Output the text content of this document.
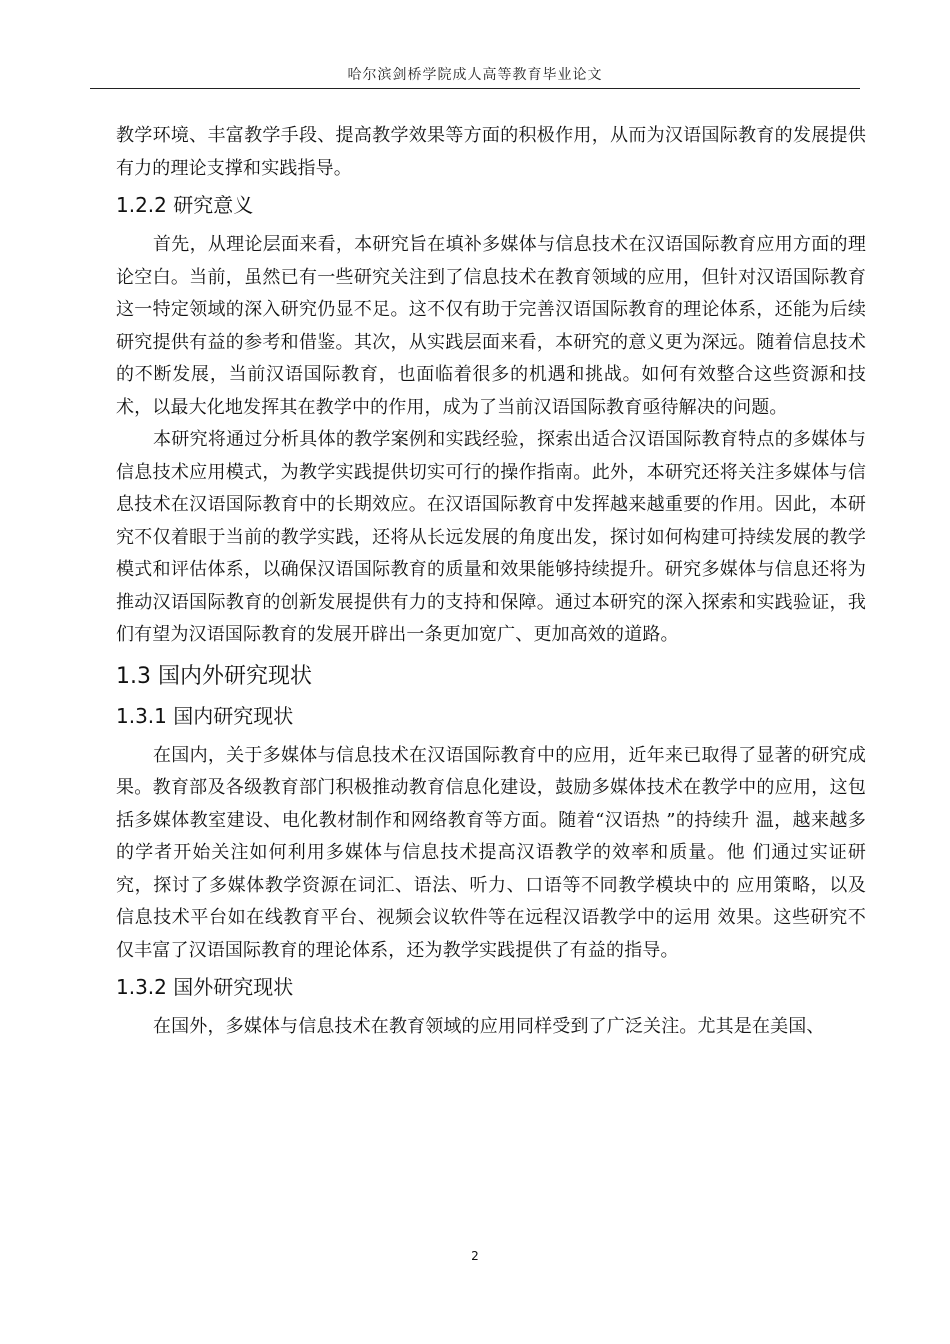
哈尔滨剑桥学院成人高等教育毕业论文

教学环境、丰富教学手段、提高教学效果等方面的积极作用，从而为汉语国际教育的发展提供有力的理论支撑和实践指导。

1.2.2 研究意义

首先，从理论层面来看，本研究旨在填补多媒体与信息技术在汉语国际教育应用方面的理论空白。当前，虽然已有一些研究关注到了信息技术在教育领域的应用，但针对汉语国际教育这一特定领域的深入研究仍显不足。这不仅有助于完善汉语国际教育的理论体系，还能为后续研究提供有益的参考和借鉴。其次，从实践层面来看，本研究的意义更为深远。随着信息技术的不断发展，当前汉语国际教育，也面临着很多的机遇和挑战。如何有效整合这些资源和技术，以最大化地发挥其在教学中的作用，成为了当前汉语国际教育亟待解决的问题。

本研究将通过分析具体的教学案例和实践经验，探索出适合汉语国际教育特点的多媒体与信息技术应用模式，为教学实践提供切实可行的操作指南。此外，本研究还将关注多媒体与信息技术在汉语国际教育中的长期效应。在汉语国际教育中发挥越来越重要的作用。因此，本研究不仅着眼于当前的教学实践，还将从长远发展的角度出发，探讨如何构建可持续发展的教学模式和评估体系，以确保汉语国际教育的质量和效果能够持续提升。研究多媒体与信息还将为推动汉语国际教育的创新发展提供有力的支持和保障。通过本研究的深入探索和实践验证，我们有望为汉语国际教育的发展开辟出一条更加宽广、更加高效的道路。

1.3 国内外研究现状
1.3.1 国内研究现状

在国内，关于多媒体与信息技术在汉语国际教育中的应用，近年来已取得了显著的研究成果。教育部及各级教育部门积极推动教育信息化建设，鼓励多媒体技术在教学中的应用，这包括多媒体教室建设、电化教材制作和网络教育等方面。随着“汉语热 ”的持续升 温，越来越多的学者开始关注如何利用多媒体与信息技术提高汉语教学的效率和质量。他 们通过实证研究，探讨了多媒体教学资源在词汇、语法、听力、口语等不同教学模块中的 应用策略，以及信息技术平台如在线教育平台、视频会议软件等在远程汉语教学中的运用 效果。这些研究不仅丰富了汉语国际教育的理论体系，还为教学实践提供了有益的指导。

1.3.2 国外研究现状

在国外，多媒体与信息技术在教育领域的应用同样受到了广泛关注。尤其是在美国、

2
